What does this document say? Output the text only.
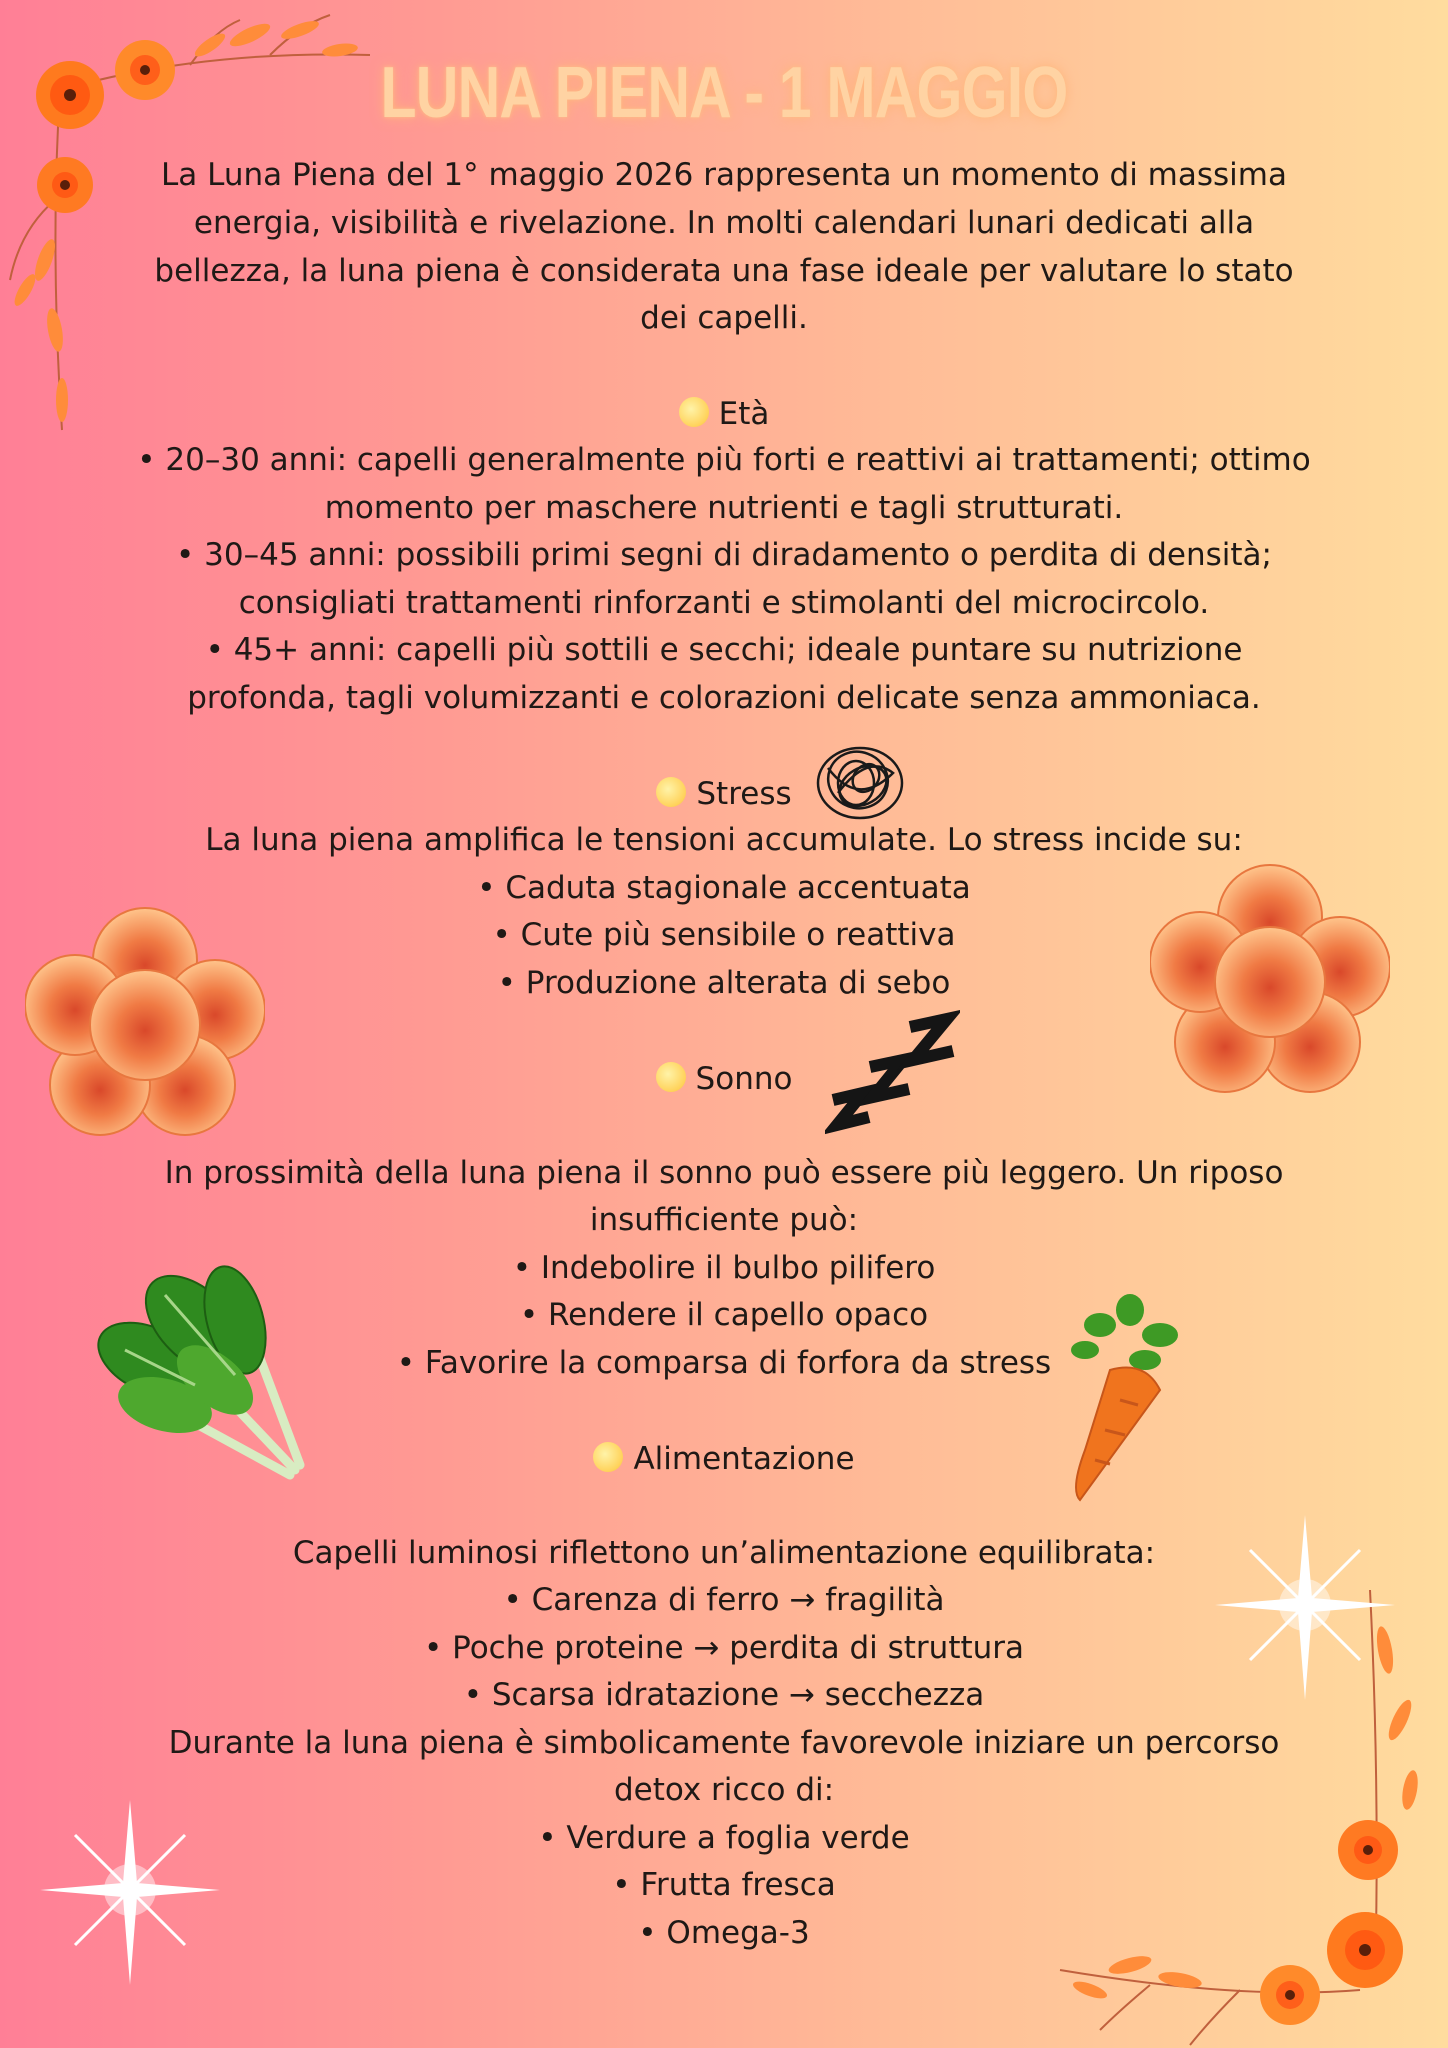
LUNA PIENA - 1 MAGGIO
La Luna Piena del 1° maggio 2026 rappresenta un momento di massima
energia, visibilità e rivelazione. In molti calendari lunari dedicati alla
bellezza, la luna piena è considerata una fase ideale per valutare lo stato
dei capelli.
Età
• 20–30 anni: capelli generalmente più forti e reattivi ai trattamenti; ottimo
momento per maschere nutrienti e tagli strutturati.
• 30–45 anni: possibili primi segni di diradamento o perdita di densità;
consigliati trattamenti rinforzanti e stimolanti del microcircolo.
• 45+ anni: capelli più sottili e secchi; ideale puntare su nutrizione
profonda, tagli volumizzanti e colorazioni delicate senza ammoniaca.
Stress
La luna piena amplifica le tensioni accumulate. Lo stress incide su:
• Caduta stagionale accentuata
• Cute più sensibile o reattiva
• Produzione alterata di sebo
Sonno
In prossimità della luna piena il sonno può essere più leggero. Un riposo
insufficiente può:
• Indebolire il bulbo pilifero
• Rendere il capello opaco
• Favorire la comparsa di forfora da stress
Alimentazione
Capelli luminosi riflettono un’alimentazione equilibrata:
• Carenza di ferro → fragilità
• Poche proteine → perdita di struttura
• Scarsa idratazione → secchezza
Durante la luna piena è simbolicamente favorevole iniziare un percorso
detox ricco di:
• Verdure a foglia verde
• Frutta fresca
• Omega-3
